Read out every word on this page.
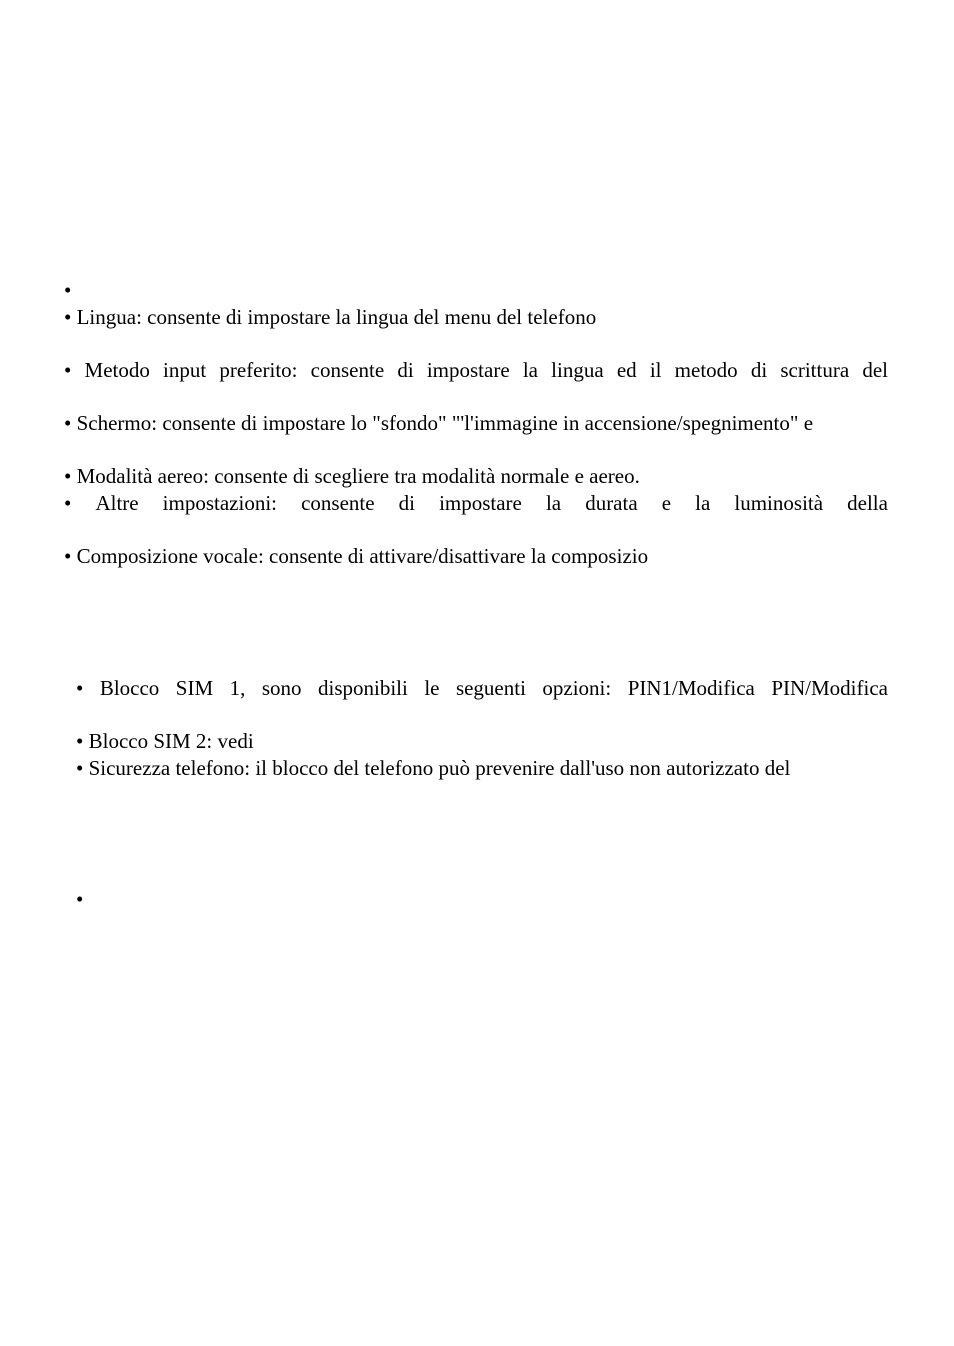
•
• Lingua: consente di impostare la lingua del menu del telefono
• Metodo input preferito: consente di impostare la lingua ed il metodo di scrittura del
• Schermo: consente di impostare lo "sfondo" "'l'immagine in accensione/spegnimento" e
• Modalità aereo: consente di scegliere tra modalità normale e aereo.
• Altre impostazioni: consente di impostare la durata e la luminosità della
• Composizione vocale: consente di attivare/disattivare la composizio
• Blocco SIM 1, sono disponibili le seguenti opzioni: PIN1/Modifica PIN/Modifica
• Blocco SIM 2: vedi
• Sicurezza telefono: il blocco del telefono può prevenire dall'uso non autorizzato del
•
